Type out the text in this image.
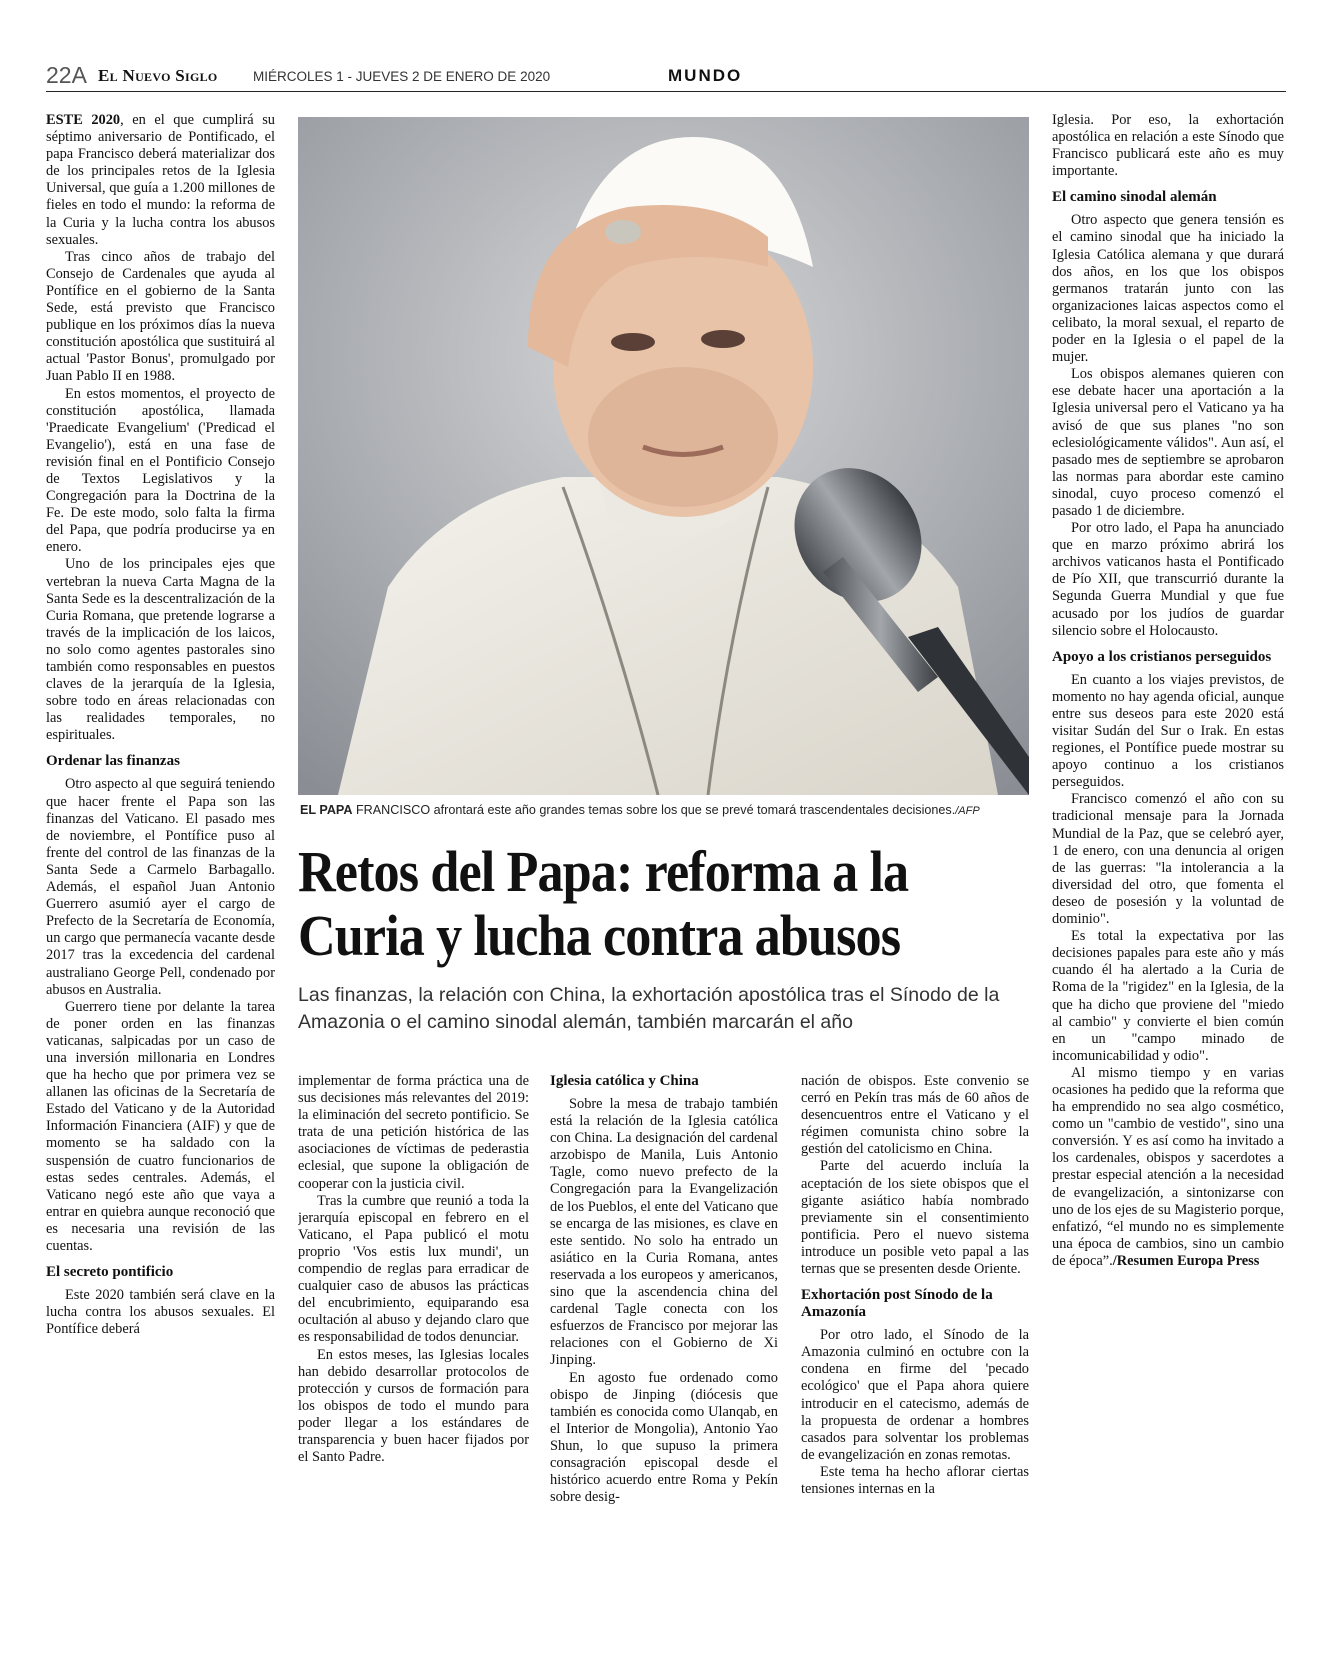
22A El Nuevo Siglo	MIÉRCOLES 1 - JUEVES 2 DE ENERO DE 2020	MUNDO

ESTE 2020, en el que cumplirá su séptimo aniversario de Pontificado, el papa Francisco deberá materializar dos de los principales retos de la Iglesia Universal, que guía a 1.200 millones de fieles en todo el mundo: la reforma de la Curia y la lucha contra los abusos sexuales.

Tras cinco años de trabajo del Consejo de Cardenales que ayuda al Pontífice en el gobierno de la Santa Sede, está previsto que Francisco publique en los próximos días la nueva constitución apostólica que sustituirá al actual 'Pastor Bonus', promulgado por Juan Pablo II en 1988.

En estos momentos, el proyecto de constitución apostólica, llamada 'Praedicate Evangelium' ('Predicad el Evangelio'), está en una fase de revisión final en el Pontificio Consejo de Textos Legislativos y la Congregación para la Doctrina de la Fe. De este modo, solo falta la firma del Papa, que podría producirse ya en enero.

Uno de los principales ejes que vertebran la nueva Carta Magna de la Santa Sede es la descentralización de la Curia Romana, que pretende lograrse a través de la implicación de los laicos, no solo como agentes pastorales sino también como responsables en puestos claves de la jerarquía de la Iglesia, sobre todo en áreas relacionadas con las realidades temporales, no espirituales.

Ordenar las finanzas

Otro aspecto al que seguirá teniendo que hacer frente el Papa son las finanzas del Vaticano. El pasado mes de noviembre, el Pontífice puso al frente del control de las finanzas de la Santa Sede a Carmelo Barbagallo. Además, el español Juan Antonio Guerrero asumió ayer el cargo de Prefecto de la Secretaría de Economía, un cargo que permanecía vacante desde 2017 tras la excedencia del cardenal australiano George Pell, condenado por abusos en Australia.

Guerrero tiene por delante la tarea de poner orden en las finanzas vaticanas, salpicadas por un caso de una inversión millonaria en Londres que ha hecho que por primera vez se allanen las oficinas de la Secretaría de Estado del Vaticano y de la Autoridad Información Financiera (AIF) y que de momento se ha saldado con la suspensión de cuatro funcionarios de estas sedes centrales. Además, el Vaticano negó este año que vaya a entrar en quiebra aunque reconoció que es necesaria una revisión de las cuentas.

El secreto pontificio

Este 2020 también será clave en la lucha contra los abusos sexuales. El Pontífice deberá

EL PAPA FRANCISCO afrontará este año grandes temas sobre los que se prevé tomará trascendentales decisiones./AFP
Retos del Papa: reforma a la
Curia y lucha contra abusos

Las finanzas, la relación con China, la exhortación apostólica tras el Sínodo de la Amazonia o el camino sinodal alemán, también marcarán el año

implementar de forma práctica una de sus decisiones más relevantes del 2019: la eliminación del secreto pontificio. Se trata de una petición histórica de las asociaciones de víctimas de pederastia eclesial, que supone la obligación de cooperar con la justicia civil.

Tras la cumbre que reunió a toda la jerarquía episcopal en febrero en el Vaticano, el Papa publicó el motu proprio 'Vos estis lux mundi', un compendio de reglas para erradicar de cualquier caso de abusos las prácticas del encubrimiento, equiparando esa ocultación al abuso y dejando claro que es responsabilidad de todos denunciar.

En estos meses, las Iglesias locales han debido desarrollar protocolos de protección y cursos de formación para los obispos de todo el mundo para poder llegar a los estándares de transparencia y buen hacer fijados por el Santo Padre.

Iglesia católica y China

Sobre la mesa de trabajo también está la relación de la Iglesia católica con China. La designación del cardenal arzobispo de Manila, Luis Antonio Tagle, como nuevo prefecto de la Congregación para la Evangelización de los Pueblos, el ente del Vaticano que se encarga de las misiones, es clave en este sentido. No solo ha entrado un asiático en la Curia Romana, antes reservada a los europeos y americanos, sino que la ascendencia china del cardenal Tagle conecta con los esfuerzos de Francisco por mejorar las relaciones con el Gobierno de Xi Jinping.

En agosto fue ordenado como obispo de Jinping (diócesis que también es conocida como Ulanqab, en el Interior de Mongolia), Antonio Yao Shun, lo que supuso la primera consagración episcopal desde el histórico acuerdo entre Roma y Pekín sobre desig-

nación de obispos. Este convenio se cerró en Pekín tras más de 60 años de desencuentros entre el Vaticano y el régimen comunista chino sobre la gestión del catolicismo en China.

Parte del acuerdo incluía la aceptación de los siete obispos que el gigante asiático había nombrado previamente sin el consentimiento pontificia. Pero el nuevo sistema introduce un posible veto papal a las ternas que se presenten desde Oriente.

Exhortación post Sínodo de la Amazonía

Por otro lado, el Sínodo de la Amazonia culminó en octubre con la condena en firme del 'pecado ecológico' que el Papa ahora quiere introducir en el catecismo, además de la propuesta de ordenar a hombres casados para solventar los problemas de evangelización en zonas remotas.

Este tema ha hecho aflorar ciertas tensiones internas en la

Iglesia. Por eso, la exhortación apostólica en relación a este Sínodo que Francisco publicará este año es muy importante.

El camino sinodal alemán

Otro aspecto que genera tensión es el camino sinodal que ha iniciado la Iglesia Católica alemana y que durará dos años, en los que los obispos germanos tratarán junto con las organizaciones laicas aspectos como el celibato, la moral sexual, el reparto de poder en la Iglesia o el papel de la mujer.

Los obispos alemanes quieren con ese debate hacer una aportación a la Iglesia universal pero el Vaticano ya ha avisó de que sus planes "no son eclesiológicamente válidos". Aun así, el pasado mes de septiembre se aprobaron las normas para abordar este camino sinodal, cuyo proceso comenzó el pasado 1 de diciembre.

Por otro lado, el Papa ha anunciado que en marzo próximo abrirá los archivos vaticanos hasta el Pontificado de Pío XII, que transcurrió durante la Segunda Guerra Mundial y que fue acusado por los judíos de guardar silencio sobre el Holocausto.

Apoyo a los cristianos perseguidos

En cuanto a los viajes previstos, de momento no hay agenda oficial, aunque entre sus deseos para este 2020 está visitar Sudán del Sur o Irak. En estas regiones, el Pontífice puede mostrar su apoyo continuo a los cristianos perseguidos.

Francisco comenzó el año con su tradicional mensaje para la Jornada Mundial de la Paz, que se celebró ayer, 1 de enero, con una denuncia al origen de las guerras: "la intolerancia a la diversidad del otro, que fomenta el deseo de posesión y la voluntad de dominio".

Es total la expectativa por las decisiones papales para este año y más cuando él ha alertado a la Curia de Roma de la "rigidez" en la Iglesia, de la que ha dicho que proviene del "miedo al cambio" y convierte el bien común en un "campo minado de incomunicabilidad y odio".

Al mismo tiempo y en varias ocasiones ha pedido que la reforma que ha emprendido no sea algo cosmético, como un "cambio de vestido", sino una conversión. Y es así como ha invitado a los cardenales, obispos y sacerdotes a prestar especial atención a la necesidad de evangelización, a sintonizarse con uno de los ejes de su Magisterio porque, enfatizó, “el mundo no es simplemente una época de cambios, sino un cambio de época”./Resumen Europa Press
